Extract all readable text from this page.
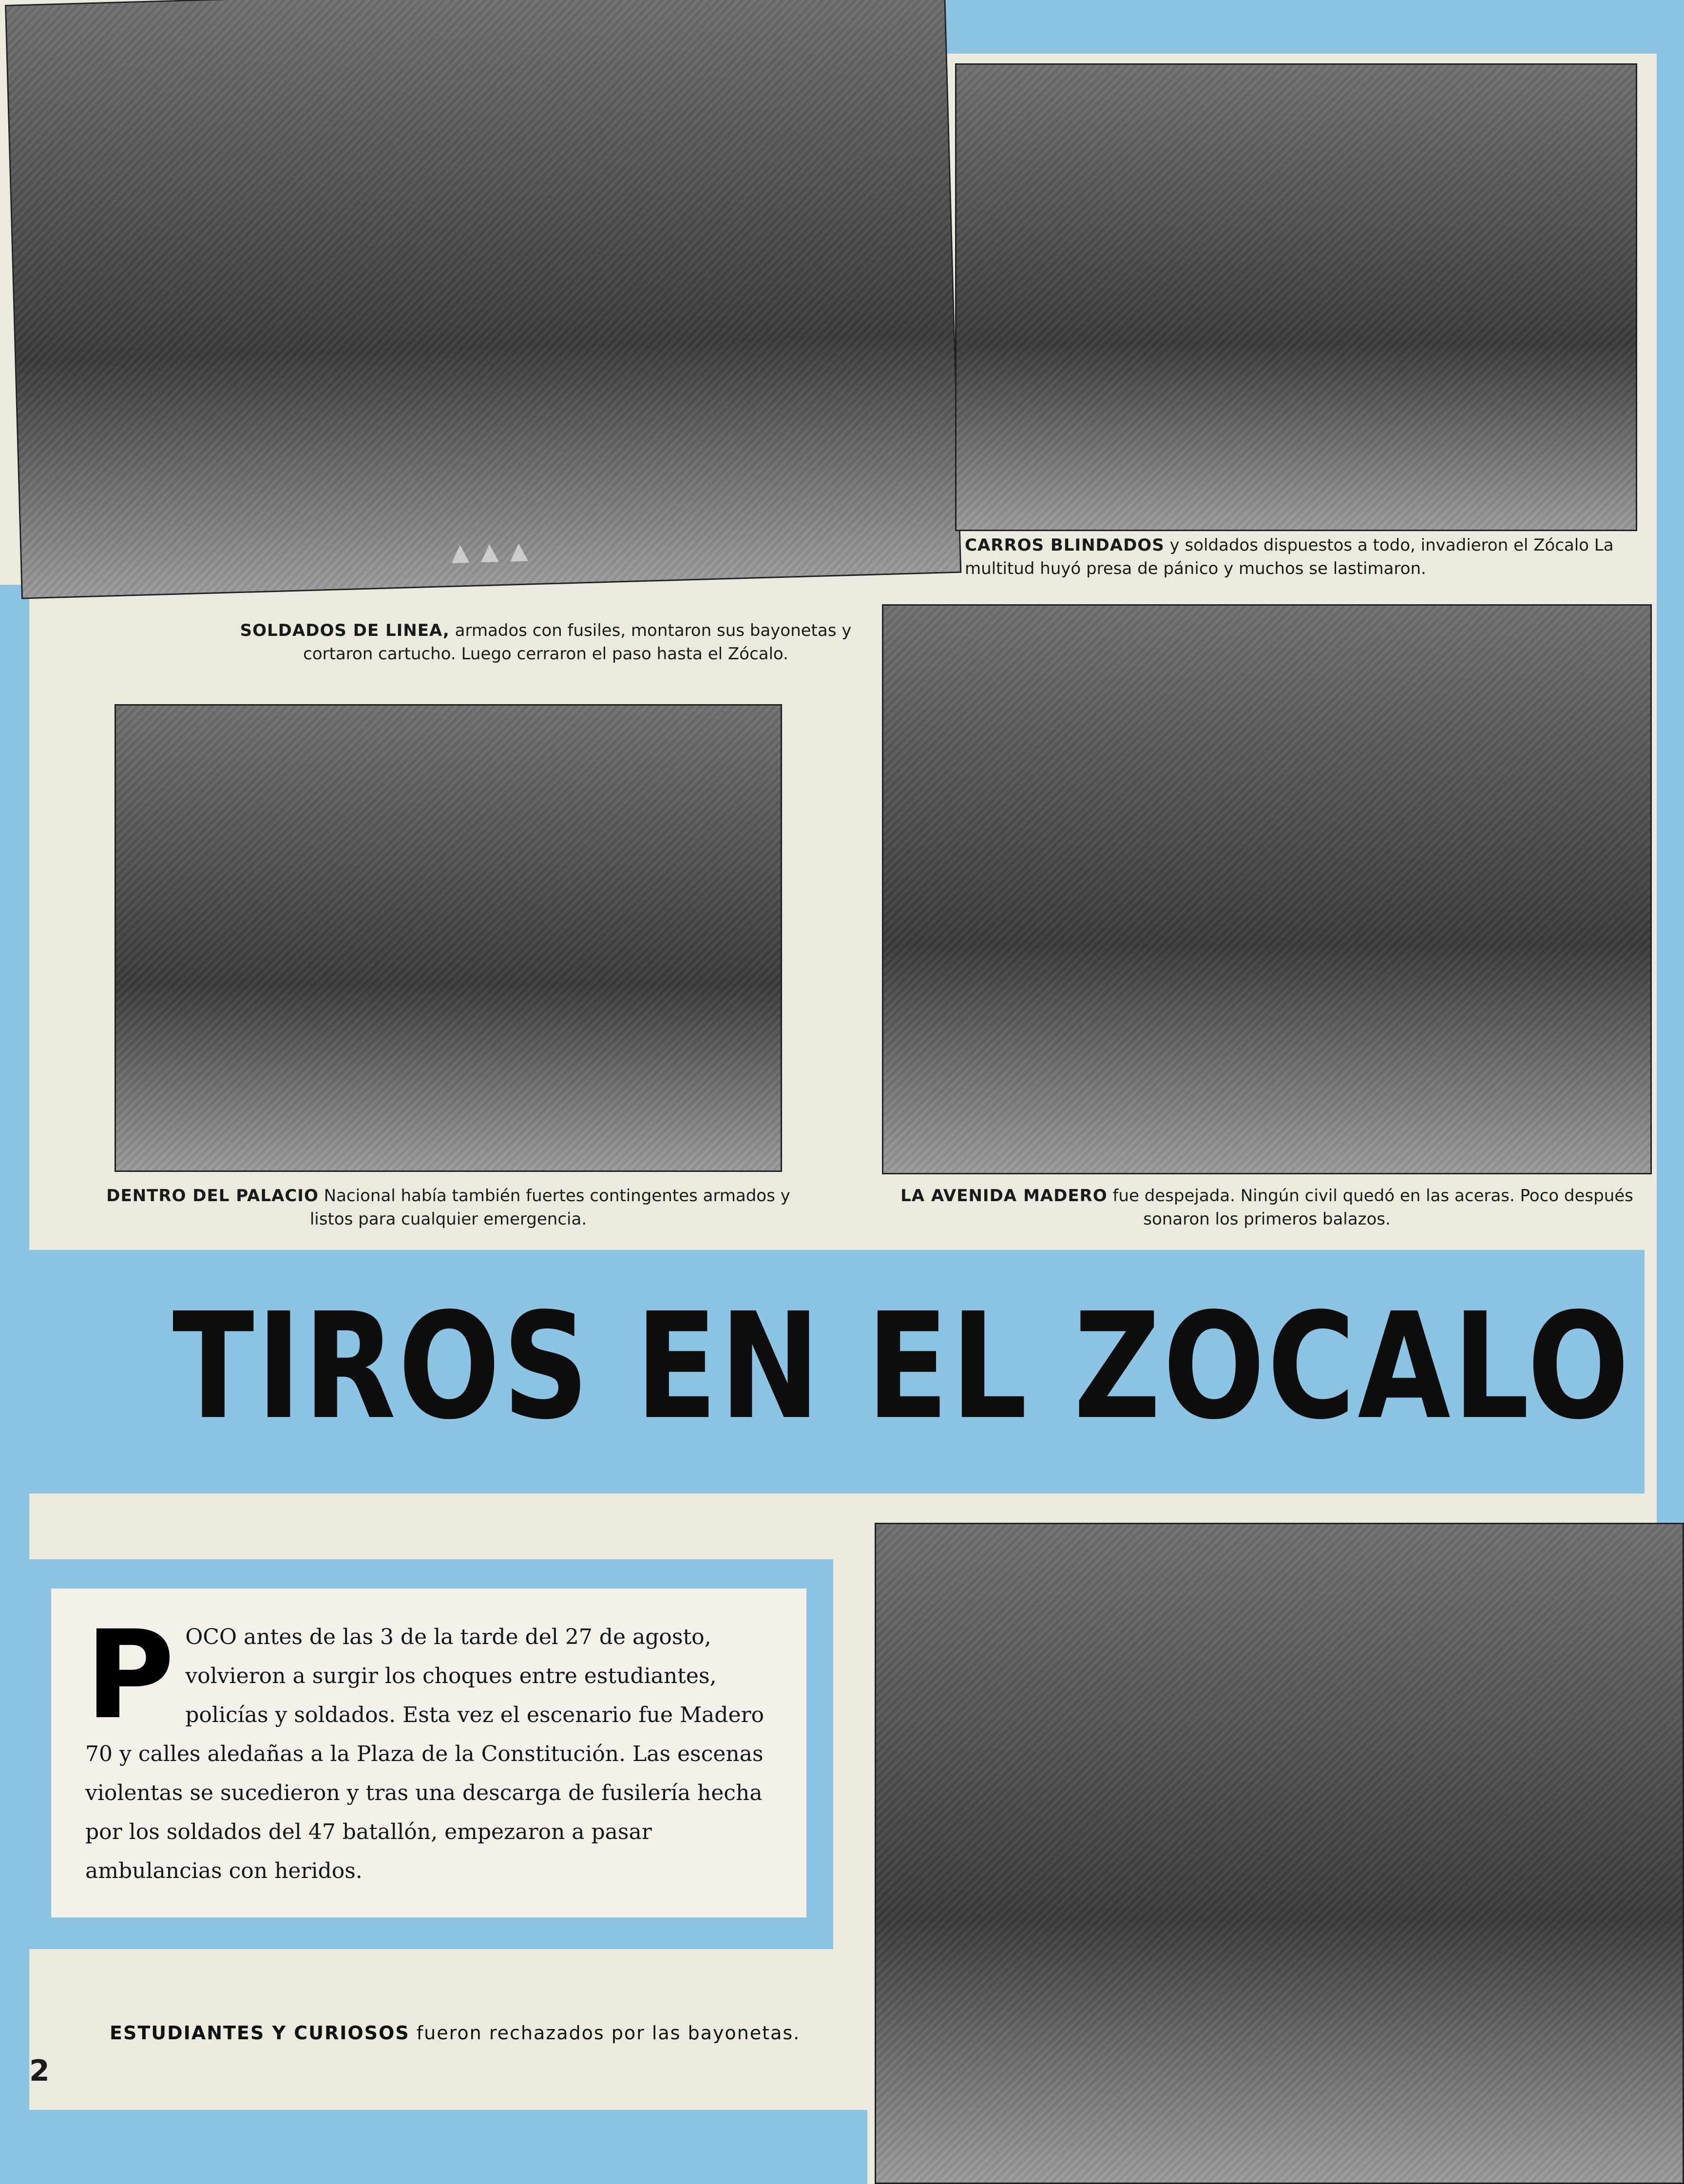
▲ ▲ ▲
SOLDADOS DE LINEA, armados con fusiles, montaron sus bayonetas y cortaron cartucho. Luego cerraron el paso hasta el Zócalo.
CARROS BLINDADOS y soldados dispuestos a todo, invadieron el Zócalo La multitud huyó presa de pánico y muchos se lastimaron.
DENTRO DEL PALACIO Nacional había también fuertes contingentes armados y listos para cualquier emergencia.
LA AVENIDA MADERO fue despejada. Ningún civil quedó en las aceras. Poco después sonaron los primeros balazos.
TIROS EN EL ZOCALO
POCO antes de las 3 de la tarde del 27 de agosto, volvieron a surgir los choques entre estudiantes, policías y soldados. Esta vez el escenario fue Madero 70 y calles aledañas a la Plaza de la Constitución. Las escenas violentas se sucedieron y tras una descarga de fusilería hecha por los soldados del 47 batallón, empezaron a pasar ambulancias con heridos.
ESTUDIANTES Y CURIOSOS fueron rechazados por las bayonetas.
2
